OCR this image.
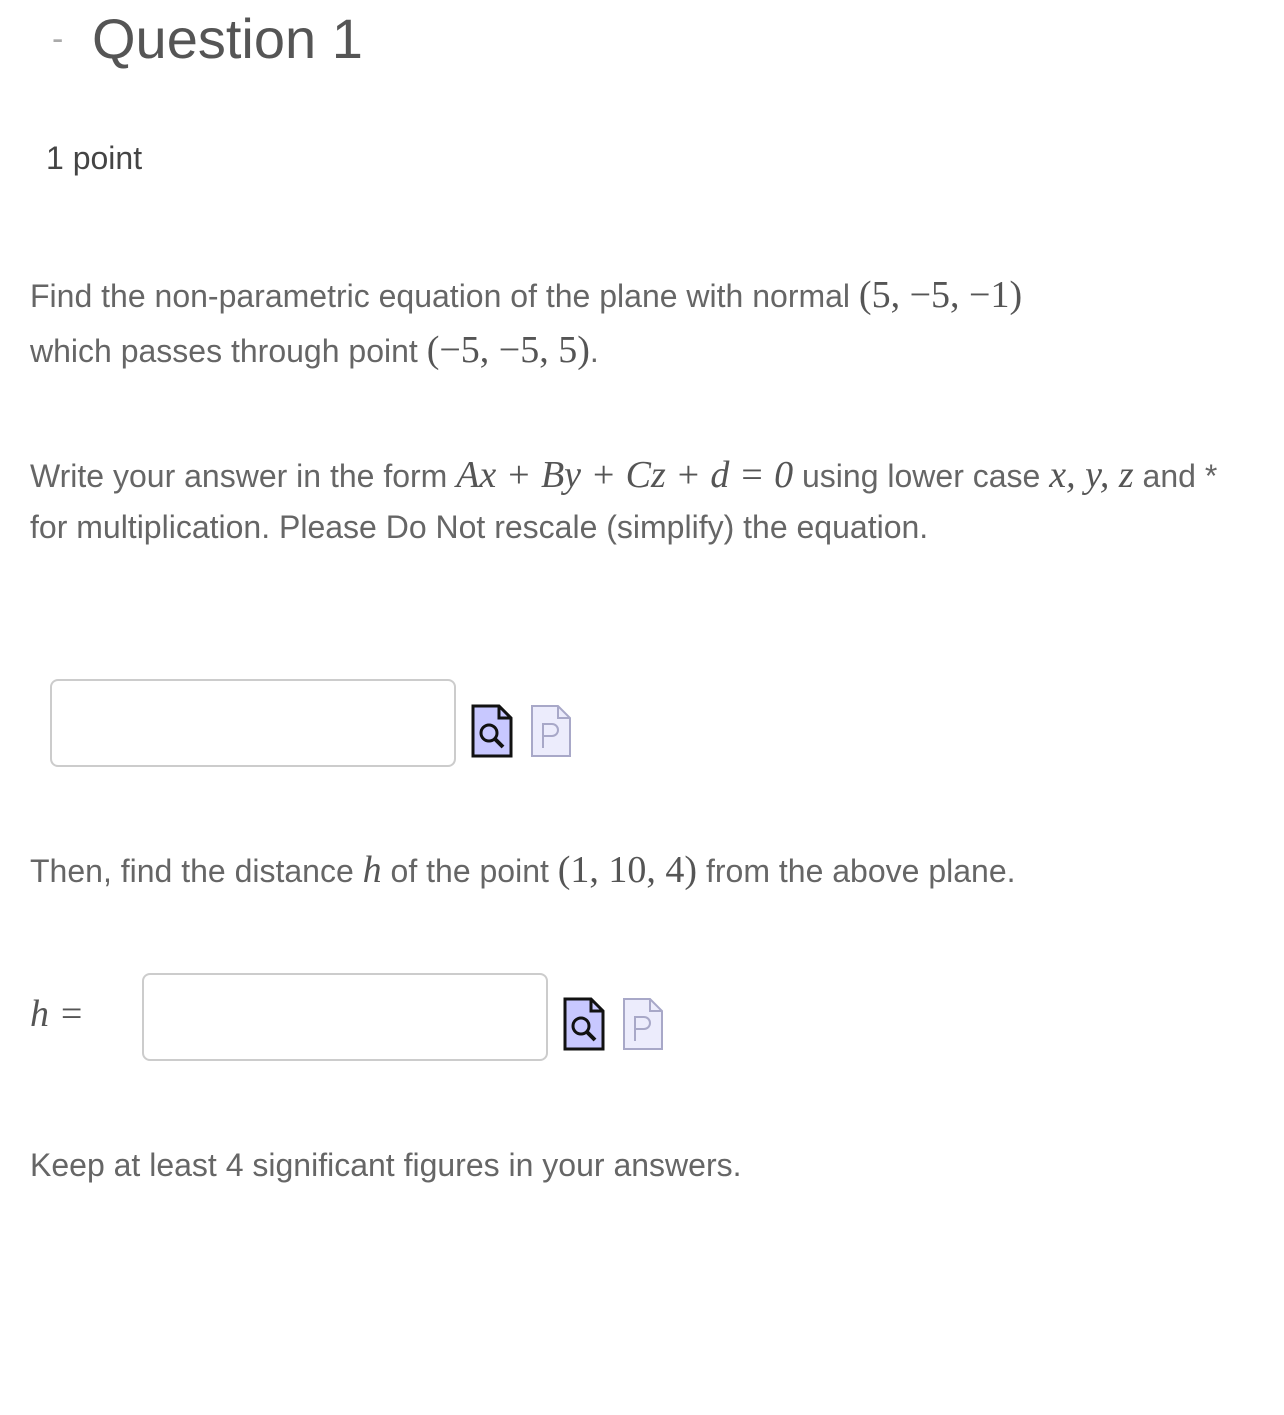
- Question 1
1 point
Find the non-parametric equation of the plane with normal (5, −5, −1)
which passes through point (−5, −5, 5).
Write your answer in the form Ax + By + Cz + d = 0 using lower case x, y, z and * for multiplication. Please Do Not rescale (simplify) the equation.
Then, find the distance h of the point (1, 10, 4) from the above plane.
h =
Keep at least 4 significant figures in your answers.
